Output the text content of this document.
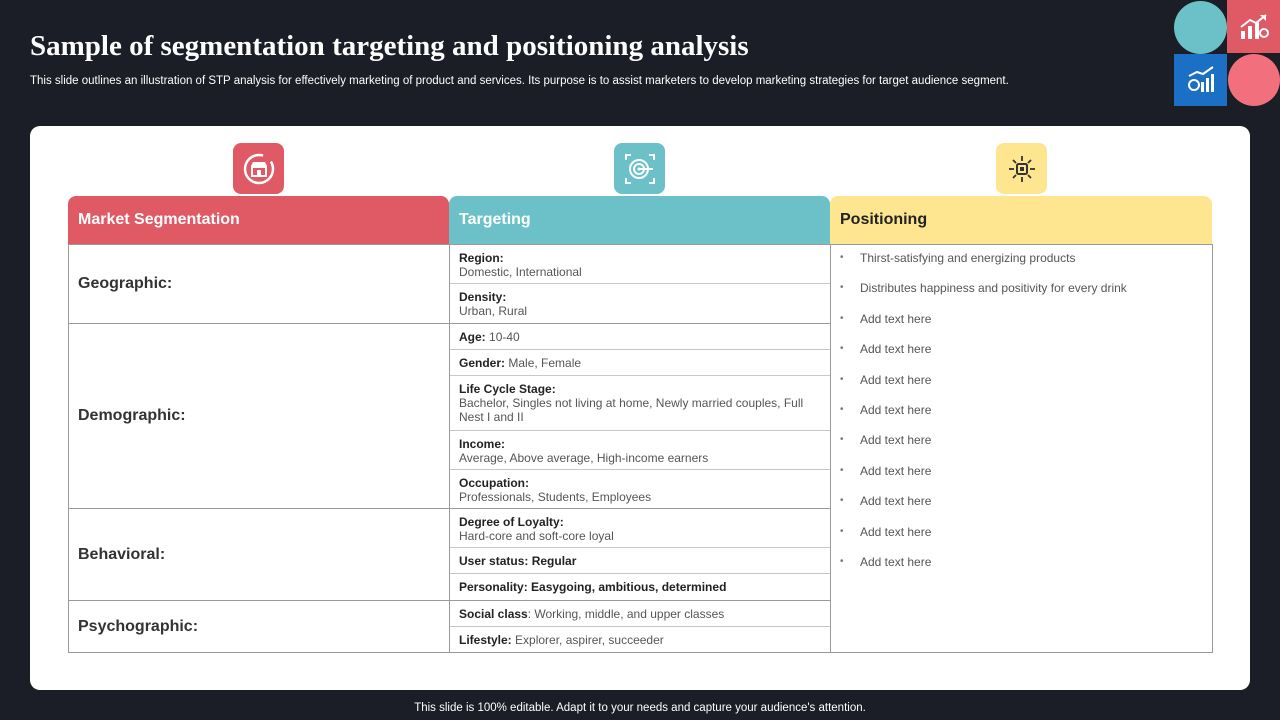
Sample of segmentation targeting and positioning analysis
This slide outlines an illustration of STP analysis for effectively marketing of product and services. Its purpose is to assist marketers to develop marketing strategies for target audience segment.
Market Segmentation	Targeting	Positioning
Geographic:
Demographic:
Behavioral:
Psychographic:
Region:
Domestic, International
Density:
Urban, Rural
Age:
10-40
Gender:
Male, Female
Life Cycle Stage:
Bachelor, Singles not living at home, Newly married couples, Full Nest I and II
Income:
Average, Above average, High-income earners
Occupation:
Professionals, Students, Employees
Degree of Loyalty:
Hard-core and soft-core loyal
User status: Regular
Personality: Easygoing, ambitious, determined
Social class : Working, middle, and upper classes
Lifestyle:
Explorer, aspirer, succeeder
• Thirst-satisfying and energizing products
• Distributes happiness and positivity for every drink
• Add text here
• Add text here
• Add text here
• Add text here
• Add text here
• Add text here
• Add text here
• Add text here
• Add text here
This slide is 100% editable. Adapt it to your needs and capture your audience's attention.
